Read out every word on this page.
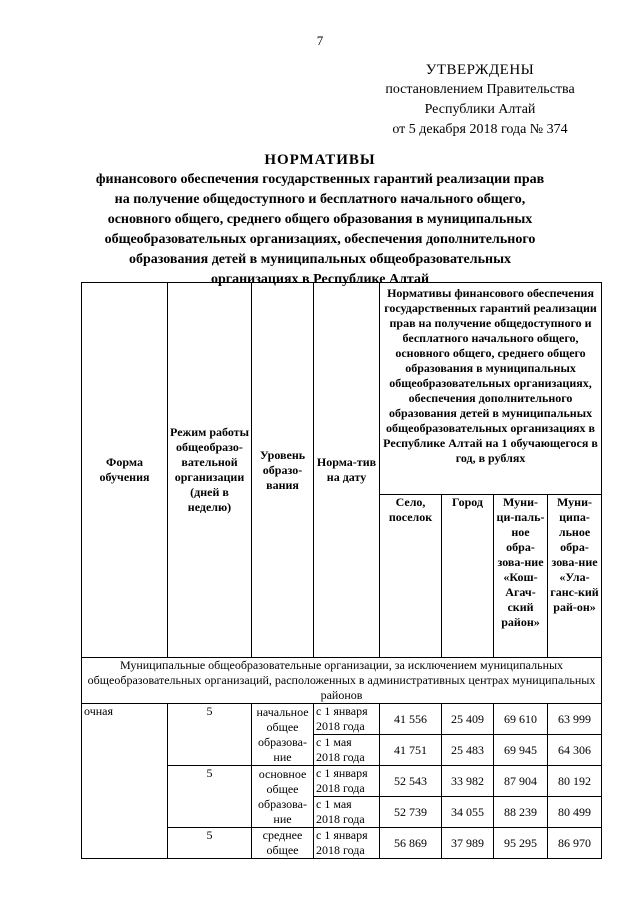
7
УТВЕРЖДЕНЫ
постановлением Правительства
Республики Алтай
от 5 декабря 2018 года № 374
НОРМАТИВЫ
финансового обеспечения государственных гарантий реализации прав
на получение общедоступного и бесплатного начального общего,
основного общего, среднего общего образования в муниципальных
общеобразовательных организациях, обеспечения дополнительного
образования детей в муниципальных общеобразовательных
организациях в Республике Алтай
Форма обучения	Режим работы общеобразо-вательной организации (дней в неделю)	Уровень образо-вания	Норма-тив на дату	Нормативы финансового обеспечения государственных гарантий реализации прав на получение общедоступного и бесплатного начального общего, основного общего, среднего общего образования в муниципальных общеобразовательных организациях, обеспечения дополнительного образования детей в муниципальных общеобразовательных организациях в Республике Алтай на 1 обучающегося в год, в рублях			
				Село, поселок	Город	Муни-ци-паль-ное обра-зова-ние «Кош-Агач-ский район»	Муни-ципа-льное обра-зова-ние «Ула-ганс-кий рай-он»
Муниципальные общеобразовательные организации, за исключением муниципальных общеобразовательных организаций, расположенных в административных центрах муниципальных районов							
очная	5	начальное общее образова-ние	с 1 января 2018 года	41 556	25 409	69 610	63 999
			с 1 мая 2018 года	41 751	25 483	69 945	64 306
	5	основное общее образова-ние	с 1 января 2018 года	52 543	33 982	87 904	80 192
			с 1 мая 2018 года	52 739	34 055	88 239	80 499
	5	среднее общее	с 1 января 2018 года	56 869	37 989	95 295	86 970
